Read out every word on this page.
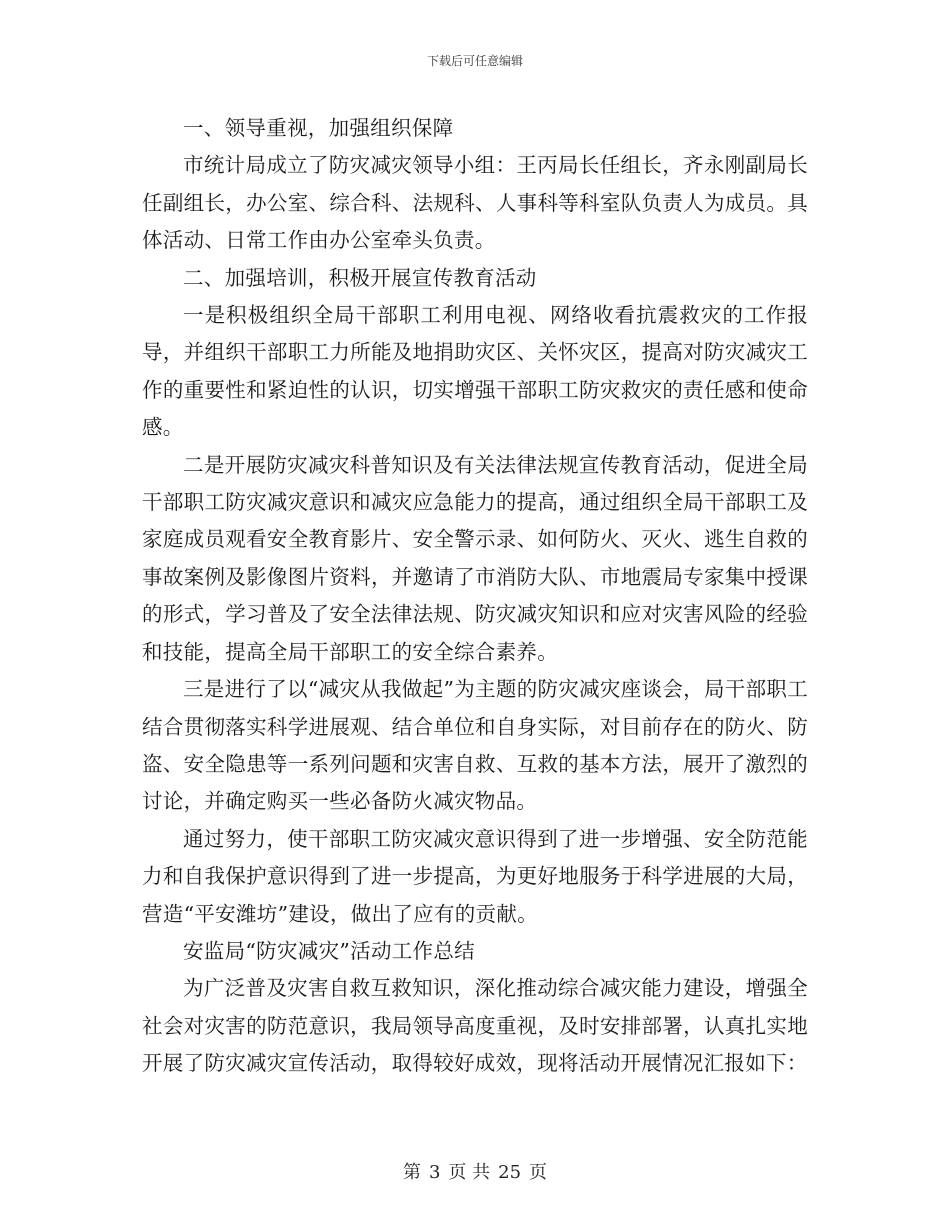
下载后可任意编辑

一、领导重视，加强组织保障

市统计局成立了防灾减灾领导小组：王丙局长任组长，齐永刚副局长任副组长，办公室、综合科、法规科、人事科等科室队负责人为成员。具体活动、日常工作由办公室牵头负责。

二、加强培训，积极开展宣传教育活动

一是积极组织全局干部职工利用电视、网络收看抗震救灾的工作报导，并组织干部职工力所能及地捐助灾区、关怀灾区，提高对防灾减灾工作的重要性和紧迫性的认识，切实增强干部职工防灾救灾的责任感和使命感。

二是开展防灾减灾科普知识及有关法律法规宣传教育活动，促进全局干部职工防灾减灾意识和减灾应急能力的提高，通过组织全局干部职工及家庭成员观看安全教育影片、安全警示录、如何防火、灭火、逃生自救的事故案例及影像图片资料，并邀请了市消防大队、市地震局专家集中授课的形式，学习普及了安全法律法规、防灾减灾知识和应对灾害风险的经验和技能，提高全局干部职工的安全综合素养。

三是进行了以“减灾从我做起”为主题的防灾减灾座谈会，局干部职工结合贯彻落实科学进展观、结合单位和自身实际，对目前存在的防火、防盗、安全隐患等一系列问题和灾害自救、互救的基本方法，展开了激烈的讨论，并确定购买一些必备防火减灾物品。

通过努力，使干部职工防灾减灾意识得到了进一步增强、安全防范能力和自我保护意识得到了进一步提高，为更好地服务于科学进展的大局，营造“平安潍坊”建设，做出了应有的贡献。

安监局“防灾减灾”活动工作总结

为广泛普及灾害自救互救知识，深化推动综合减灾能力建设，增强全社会对灾害的防范意识，我局领导高度重视，及时安排部署，认真扎实地开展了防灾减灾宣传活动，取得较好成效，现将活动开展情况汇报如下：

第 3 页 共 25 页
